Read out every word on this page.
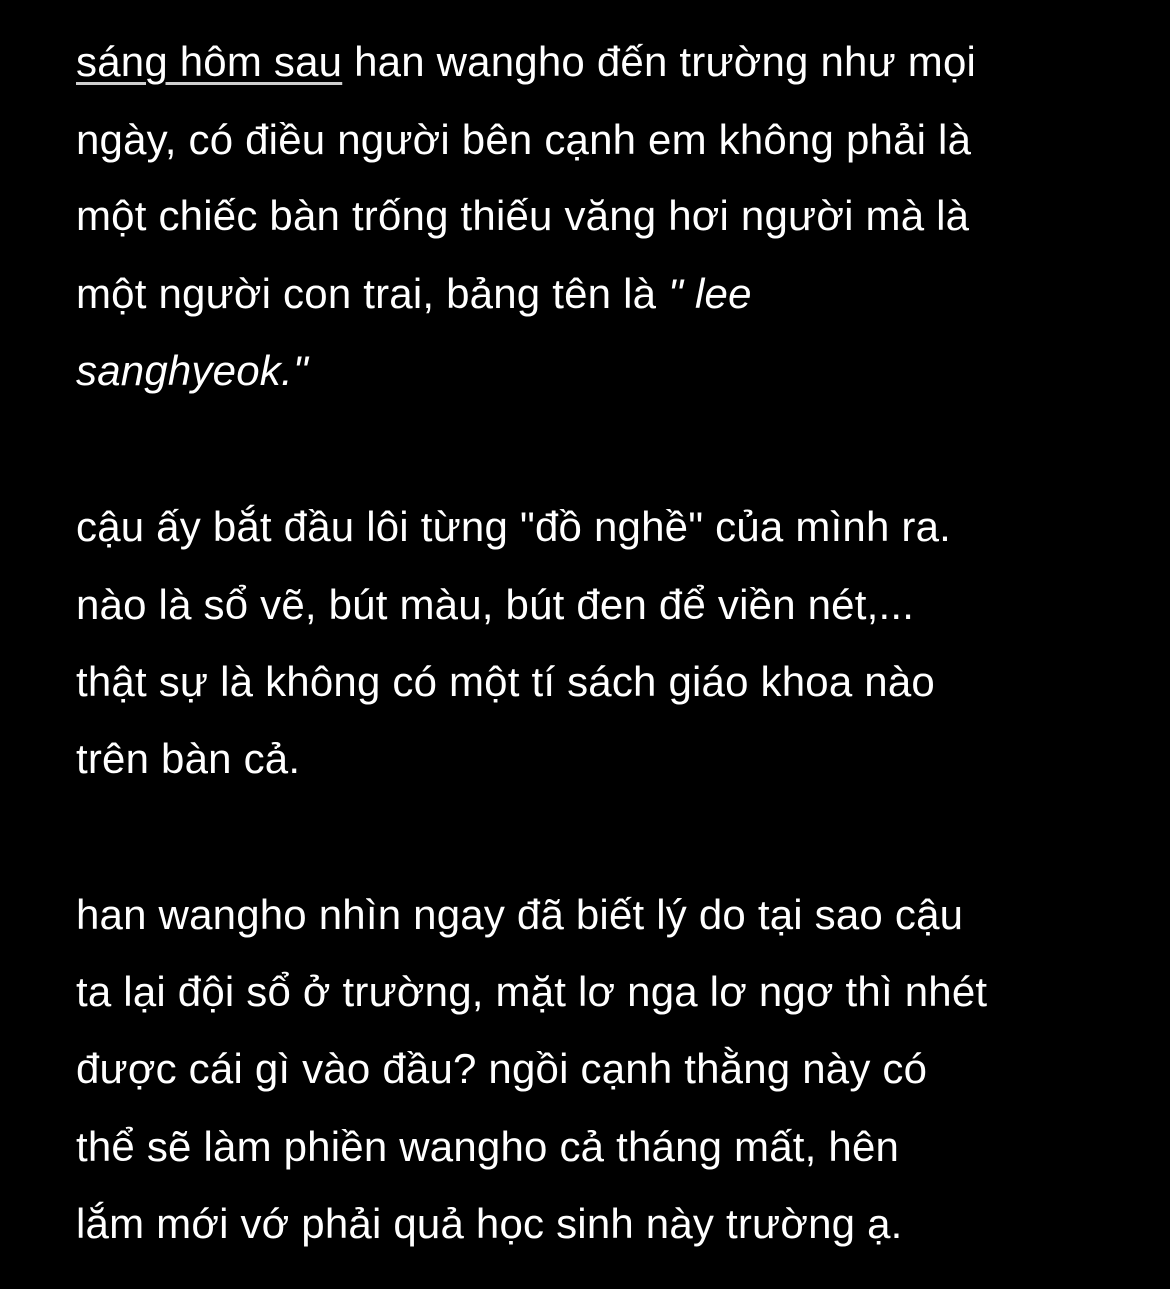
sáng hôm sau han wangho đến trường như mọi

ngày, có điều người bên cạnh em không phải là

một chiếc bàn trống thiếu văng hơi người mà là

một người con trai, bảng tên là " lee

sanghyeok."

cậu ấy bắt đầu lôi từng "đồ nghề" của mình ra.

nào là sổ vẽ, bút màu, bút đen để viền nét,...

thật sự là không có một tí sách giáo khoa nào

trên bàn cả.

han wangho nhìn ngay đã biết lý do tại sao cậu

ta lại đội sổ ở trường, mặt lơ nga lơ ngơ thì nhét

được cái gì vào đầu? ngồi cạnh thằng này có

thể sẽ làm phiền wangho cả tháng mất, hên

lắm mới vớ phải quả học sinh này trường ạ.
